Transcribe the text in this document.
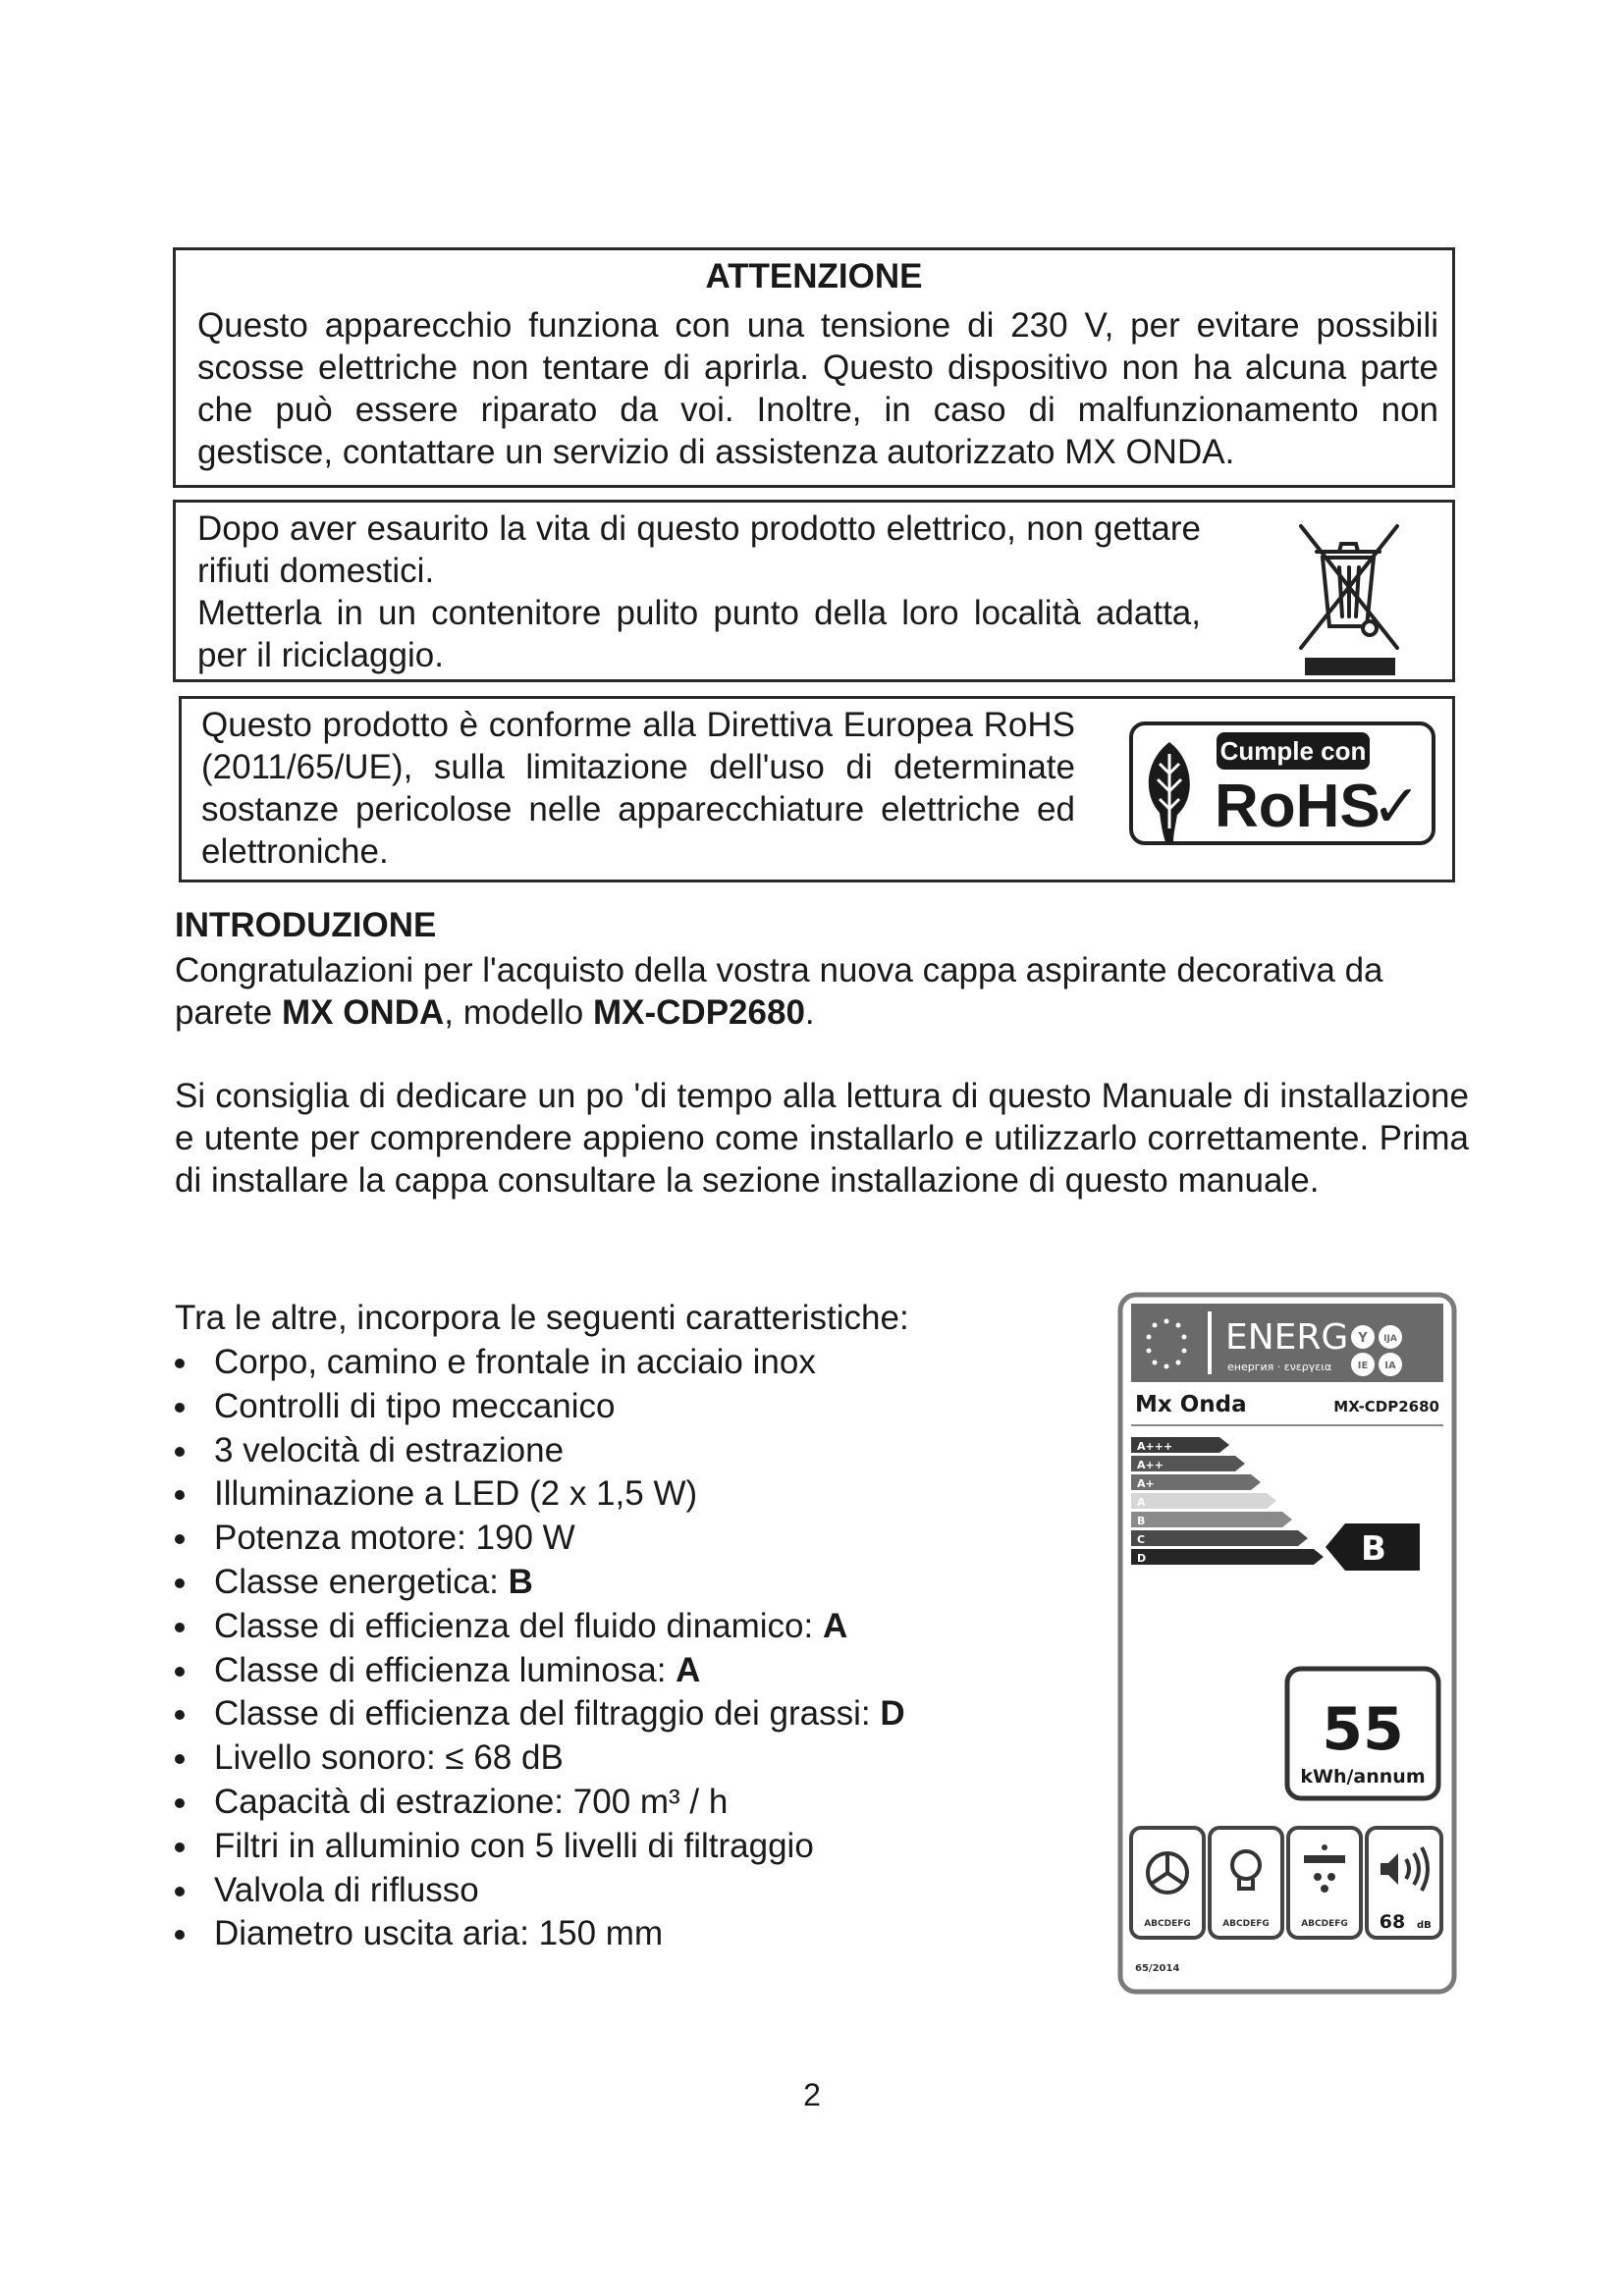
ATTENZIONE
Questo apparecchio funziona con una tensione di 230 V, per evitare possibili scosse elettriche non tentare di aprirla. Questo dispositivo non ha alcuna parte che può essere riparato da voi. Inoltre, in caso di malfunzionamento non gestisce, contattare un servizio di assistenza autorizzato MX ONDA.
Dopo aver esaurito la vita di questo prodotto elettrico, non gettare rifiuti domestici.
Metterla in un contenitore pulito punto della loro località adatta, per il riciclaggio.
Questo prodotto è conforme alla Direttiva Europea RoHS (2011/65/UE), sulla limitazione dell'uso di determinate sostanze pericolose nelle apparecchiature elettriche ed elettroniche.
Cumple con
RoHS
✓
INTRODUZIONE
Congratulazioni per l'acquisto della vostra nuova cappa aspirante decorativa da parete MX ONDA, modello MX-CDP2680.
Si consiglia di dedicare un po 'di tempo alla lettura di questo Manuale di installazione e utente per comprendere appieno come installarlo e utilizzarlo correttamente. Prima di installare la cappa consultare la sezione installazione di questo manuale.
Tra le altre, incorpora le seguenti caratteristiche:
Corpo, camino e frontale in acciaio inox
Controlli di tipo meccanico
3 velocità di estrazione
Illuminazione a LED (2 x 1,5 W)
Potenza motore: 190 W
Classe energetica: B
Classe di efficienza del fluido dinamico: A
Classe di efficienza luminosa: A
Classe di efficienza del filtraggio dei grassi: D
Livello sonoro: ≤ 68 dB
Capacità di estrazione: 700 m³ / h
Filtri in alluminio con 5 livelli di filtraggio
Valvola di riflusso
Diametro uscita aria: 150 mm
ENERG
енергия · ενεργεια
Y IJA
IE IA
Mx Onda	MX-CDP2680
A+++
A++
A+
A
B
C
D	B
55
kWh/annum
ABCDEFG	ABCDEFG	ABCDEFG 68 dB
65/2014
2
